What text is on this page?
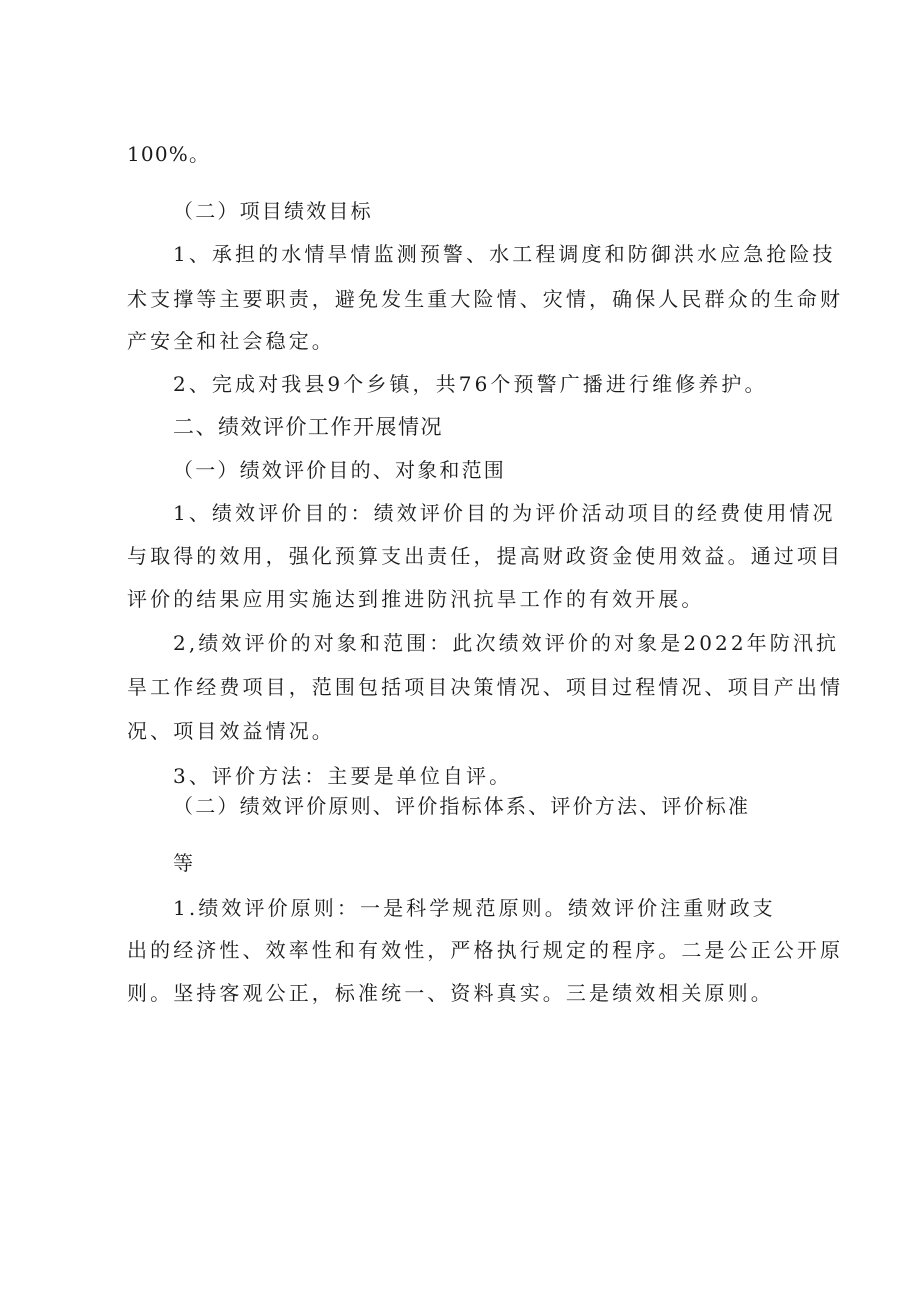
100%。
（二）项目绩效目标
1、承担的水情旱情监测预警、水工程调度和防御洪水应急抢险技
术支撑等主要职责，避免发生重大险情、灾情，确保人民群众的生命财
产安全和社会稳定。
2、完成对我县9个乡镇，共76个预警广播进行维修养护。
二、绩效评价工作开展情况
（一）绩效评价目的、对象和范围
1、绩效评价目的：绩效评价目的为评价活动项目的经费使用情况
与取得的效用，强化预算支出责任，提高财政资金使用效益。通过项目
评价的结果应用实施达到推进防汛抗旱工作的有效开展。
2,绩效评价的对象和范围：此次绩效评价的对象是2022年防汛抗
旱工作经费项目，范围包括项目决策情况、项目过程情况、项目产出情
况、项目效益情况。
3、评价方法：主要是单位自评。
（二）绩效评价原则、评价指标体系、评价方法、评价标准
等
1.绩效评价原则：一是科学规范原则。绩效评价注重财政支
出的经济性、效率性和有效性，严格执行规定的程序。二是公正公开原
则。坚持客观公正，标准统一、资料真实。三是绩效相关原则。
